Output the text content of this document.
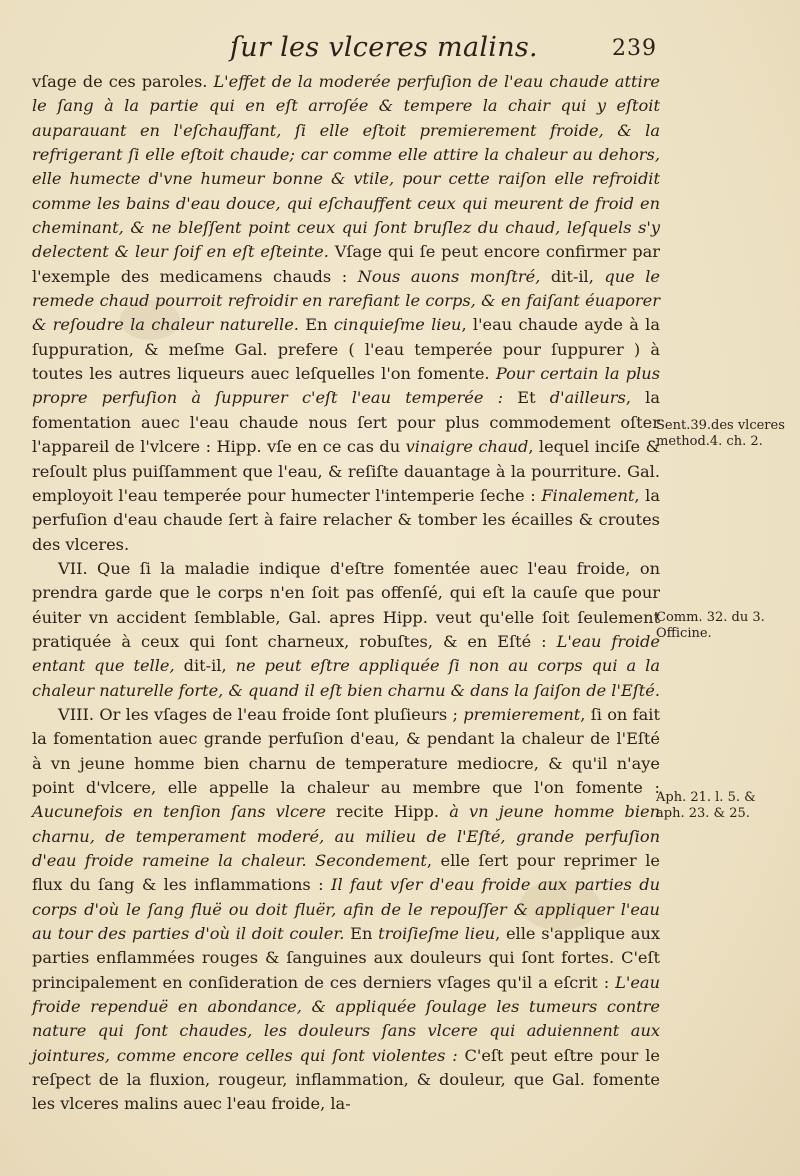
ſur les vlceres malins.	239

vſage de ces paroles. L'effet de la moderée perfuſion de l'eau chaude attire le ſang à la partie qui en eſt arroſée & tempere la chair qui y eſtoit auparauant en l'eſchauffant, ſi elle eſtoit premierement froide, & la refrigerant ſi elle eſtoit chaude; car comme elle attire la chaleur au dehors, elle humecte d'vne humeur bonne & vtile, pour cette raiſon elle refroidit comme les bains d'eau douce, qui eſchauffent ceux qui meurent de froid en cheminant, & ne bleſſent point ceux qui ſont bruſlez du chaud, leſquels s'y delectent & leur ſoif en eſt eſteinte. Vſage qui ſe peut encore confirmer par l'exemple des medicamens chauds : Nous auons monſtré, dit-il, que le remede chaud pourroit refroidir en rarefiant le corps, & en faiſant éuaporer & reſoudre la chaleur naturelle. En cinquieſme lieu, l'eau chaude ayde à la ſuppuration, & meſme Gal. prefere ( l'eau temperée pour ſuppurer ) à toutes les autres liqueurs auec leſquelles l'on fomente. Pour certain la plus propre perfuſion à ſuppurer c'eſt l'eau temperée : Et d'ailleurs, la fomentation auec l'eau chaude nous ſert pour plus commodement oſter l'appareil de l'vlcere : Hipp. vſe en ce cas du vinaigre chaud, lequel inciſe & reſoult plus puiſſamment que l'eau, & reſiſte dauantage à la pourriture. Gal. employoit l'eau temperée pour humecter l'intemperie ſeche : Finalement, la perfuſion d'eau chaude ſert à faire relacher & tomber les écailles & croutes des vlceres.

VII. Que ſi la maladie indique d'eſtre fomentée auec l'eau froide, on prendra garde que le corps n'en ſoit pas offenſé, qui eſt la cauſe que pour éuiter vn accident ſemblable, Gal. apres Hipp. veut qu'elle ſoit ſeulement pratiquée à ceux qui ſont charneux, robuſtes, & en Eſté : L'eau froide entant que telle, dit-il, ne peut eſtre appliquée ſi non au corps qui a la chaleur naturelle forte, & quand il eſt bien charnu & dans la ſaiſon de l'Eſté.

VIII. Or les vſages de l'eau froide ſont pluſieurs ; premierement, ſi on fait la fomentation auec grande perfuſion d'eau, & pendant la chaleur de l'Eſté à vn jeune homme bien charnu de temperature mediocre, & qu'il n'aye point d'vlcere, elle appelle la chaleur au membre que l'on fomente : Aucunefois en tenſion ſans vlcere recite Hipp. à vn jeune homme bien charnu, de temperament moderé, au milieu de l'Eſté, grande perfuſion d'eau froide rameine la chaleur. Secondement, elle ſert pour reprimer le flux du ſang & les inflammations : Il faut vſer d'eau froide aux parties du corps d'où le ſang fluë ou doit fluër, afin de le repouſſer & appliquer l'eau au tour des parties d'où il doit couler. En troiſieſme lieu, elle s'applique aux parties enflammées rouges & ſanguines aux douleurs qui ſont fortes. C'eſt principalement en conſideration de ces derniers vſages qu'il a eſcrit : L'eau froide rependuë en abondance, & appliquée ſoulage les tumeurs contre nature qui ſont chaudes, les douleurs ſans vlcere qui aduiennent aux jointures, comme encore celles qui ſont violentes : C'eſt peut eſtre pour le reſpect de la fluxion, rougeur, inflammation, & douleur, que Gal. fomente les vlceres malins auec l'eau froide, la-

Sent.39.des vlceres method.4. ch. 2.
Comm. 32. du 3. Officine.
Aph. 21. l. 5. & aph. 23. & 25.
